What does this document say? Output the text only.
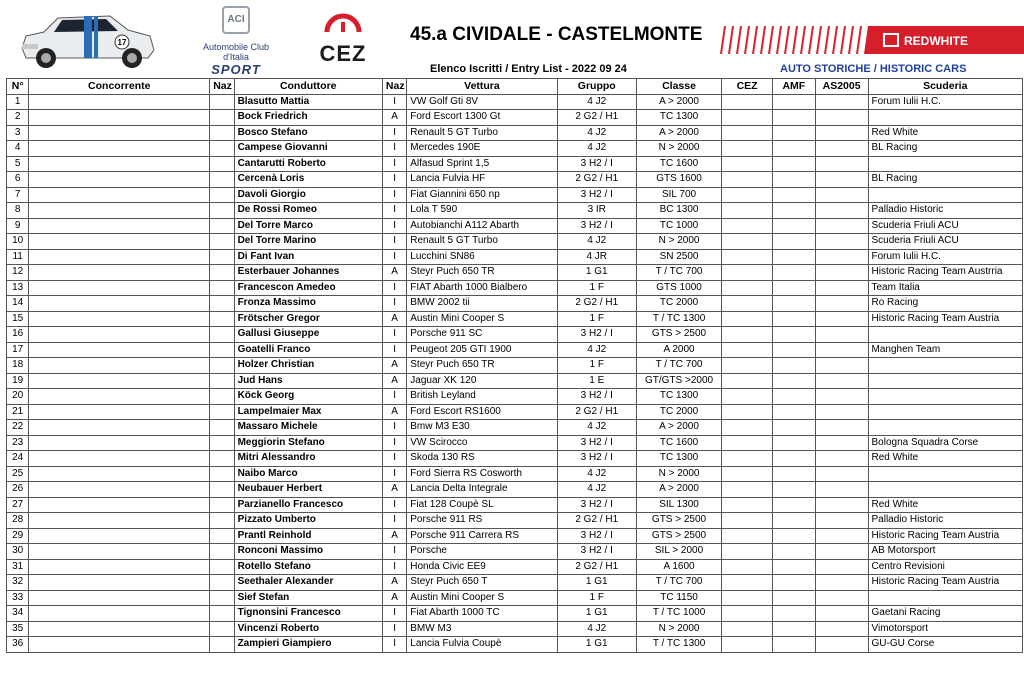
17
ACI
Automobile Club d'Italia
SPORT
CEZ
45.a CIVIDALE - CASTELMONTE	REDWHITE
Elenco Iscritti / Entry List - 2022 09 24	AUTO STORICHE / HISTORIC CARS
N°	Concorrente	Naz	Conduttore	Naz	Vettura	Gruppo	Classe	CEZ	AMF	AS2005	Scuderia
1			Blasutto Mattia	I	VW Golf Gti 8V	4 J2	A > 2000				Forum Iulii H.C.
2			Bock Friedrich	A	Ford Escort 1300 Gt	2 G2 / H1	TC 1300				
3			Bosco Stefano	I	Renault 5 GT Turbo	4 J2	A > 2000				Red White
4			Campese Giovanni	I	Mercedes 190E	4 J2	N > 2000				BL Racing
5			Cantarutti Roberto	I	Alfasud Sprint 1,5	3 H2 / I	TC 1600				
6			Cercenà Loris	I	Lancia Fulvia HF	2 G2 / H1	GTS 1600				BL Racing
7			Davoli Giorgio	I	Fiat Giannini 650 np	3 H2 / I	SIL 700				
8			De Rossi Romeo	I	Lola T 590	3 IR	BC 1300				Palladio Historic
9			Del Torre Marco	I	Autobianchi A112 Abarth	3 H2 / I	TC 1000				Scuderia Friuli ACU
10			Del Torre Marino	I	Renault 5 GT Turbo	4 J2	N > 2000				Scuderia Friuli ACU
11			Di Fant Ivan	I	Lucchini SN86	4 JR	SN 2500				Forum Iulii H.C.
12			Esterbauer Johannes	A	Steyr Puch 650 TR	1 G1	T / TC 700				Historic Racing Team Austrria
13			Francescon Amedeo	I	FIAT Abarth 1000 Bialbero	1 F	GTS 1000				Team Italia
14			Fronza Massimo	I	BMW 2002 tii	2 G2 / H1	TC 2000				Ro Racing
15			Frötscher Gregor	A	Austin Mini Cooper S	1 F	T / TC 1300				Historic Racing Team Austria
16			Gallusi Giuseppe	I	Porsche 911 SC	3 H2 / I	GTS > 2500				
17			Goatelli Franco	I	Peugeot 205 GTI 1900	4 J2	A 2000				Manghen Team
18			Holzer Christian	A	Steyr Puch 650 TR	1 F	T / TC 700				
19			Jud Hans	A	Jaguar XK 120	1 E	GT/GTS >2000				
20			Köck Georg	I	British Leyland	3 H2 / I	TC 1300				
21			Lampelmaier Max	A	Ford Escort RS1600	2 G2 / H1	TC 2000				
22			Massaro Michele	I	Bmw M3 E30	4 J2	A > 2000				
23			Meggiorin Stefano	I	VW Scirocco	3 H2 / I	TC 1600				Bologna Squadra Corse
24			Mitri Alessandro	I	Skoda 130 RS	3 H2 / I	TC 1300				Red White
25			Naibo Marco	I	Ford Sierra RS Cosworth	4 J2	N > 2000				
26			Neubauer Herbert	A	Lancia Delta Integrale	4 J2	A > 2000				
27			Parzianello Francesco	I	Fiat 128 Coupè SL	3 H2 / I	SIL 1300				Red White
28			Pizzato Umberto	I	Porsche 911 RS	2 G2 / H1	GTS > 2500				Palladio Historic
29			Prantl Reinhold	A	Porsche 911 Carrera RS	3 H2 / I	GTS > 2500				Historic Racing Team Austria
30			Ronconi Massimo	I	Porsche	3 H2 / I	SIL > 2000				AB Motorsport
31			Rotello Stefano	I	Honda Civic EE9	2 G2 / H1	A 1600				Centro Revisioni
32			Seethaler Alexander	A	Steyr Puch 650 T	1 G1	T / TC 700				Historic Racing Team Austria
33			Sief Stefan	A	Austin Mini Cooper S	1 F	TC 1150				
34			Tignonsini Francesco	I	Fiat Abarth 1000 TC	1 G1	T / TC 1000				Gaetani Racing
35			Vincenzi Roberto	I	BMW M3	4 J2	N > 2000				Vimotorsport
36			Zampieri Giampiero	I	Lancia Fulvia Coupè	1 G1	T / TC 1300				GU-GU Corse
